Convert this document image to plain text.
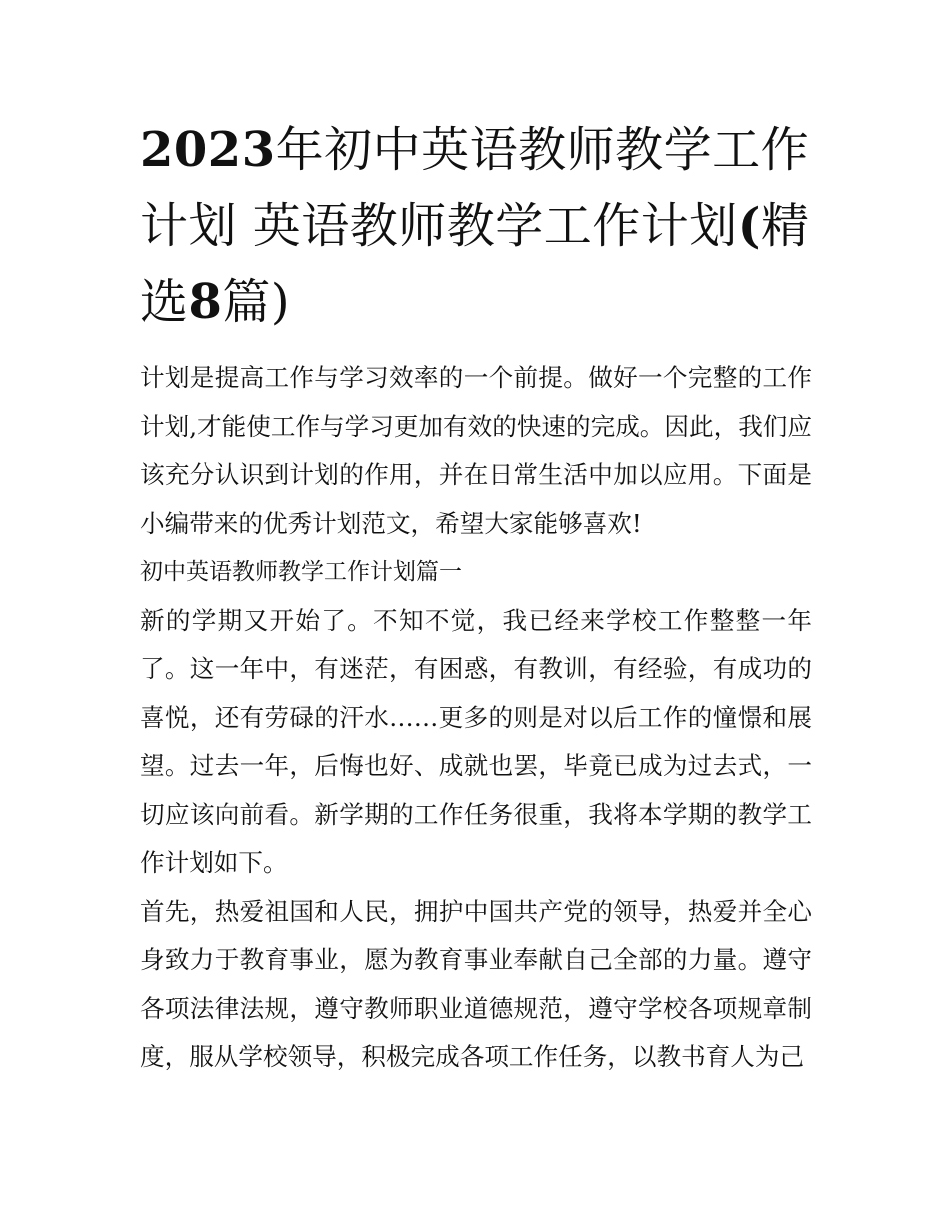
2023年初中英语教师教学工作计划 英语教师教学工作计划(精选8篇)

计划是提高工作与学习效率的一个前提。做好一个完整的工作计划,才能使工作与学习更加有效的快速的完成。因此，我们应该充分认识到计划的作用，并在日常生活中加以应用。下面是小编带来的优秀计划范文，希望大家能够喜欢!

初中英语教师教学工作计划篇一

新的学期又开始了。不知不觉，我已经来学校工作整整一年了。这一年中，有迷茫，有困惑，有教训，有经验，有成功的喜悦，还有劳碌的汗水……更多的则是对以后工作的憧憬和展望。过去一年，后悔也好、成就也罢，毕竟已成为过去式，一切应该向前看。新学期的工作任务很重，我将本学期的教学工作计划如下。

首先，热爱祖国和人民，拥护中国共产党的领导，热爱并全心身致力于教育事业，愿为教育事业奉献自己全部的力量。遵守各项法律法规，遵守教师职业道德规范，遵守学校各项规章制度，服从学校领导，积极完成各项工作任务，以教书育人为己
